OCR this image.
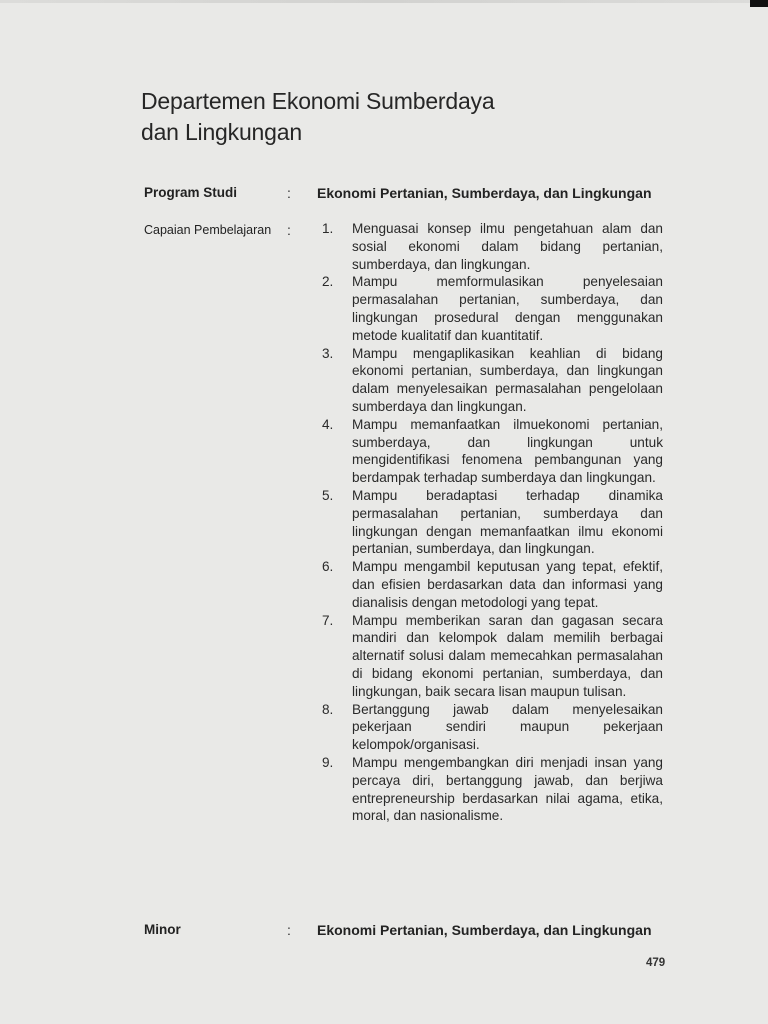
Departemen Ekonomi Sumberdaya
dan Lingkungan
Program Studi	: Ekonomi Pertanian, Sumberdaya, dan Lingkungan
Capaian Pembelajaran : 1.	Menguasai konsep ilmu pengetahuan alam dan sosial ekonomi dalam bidang pertanian, sumberdaya, dan lingkungan.
2.	Mampu memformulasikan penyelesaian permasalahan pertanian, sumberdaya, dan lingkungan prosedural dengan menggunakan metode kualitatif dan kuantitatif.
3.	Mampu mengaplikasikan keahlian di bidang ekonomi pertanian, sumberdaya, dan lingkungan dalam menyelesaikan permasalahan pengelolaan sumberdaya dan lingkungan.
4.	Mampu memanfaatkan ilmuekonomi pertanian, sumberdaya, dan lingkungan untuk mengidentifikasi fenomena pembangunan yang berdampak terhadap sumberdaya dan lingkungan.
5.	Mampu beradaptasi terhadap dinamika permasalahan pertanian, sumberdaya dan lingkungan dengan memanfaatkan ilmu ekonomi pertanian, sumberdaya, dan lingkungan.
6.	Mampu mengambil keputusan yang tepat, efektif, dan efisien berdasarkan data dan informasi yang dianalisis dengan metodologi yang tepat.
7.	Mampu memberikan saran dan gagasan secara mandiri dan kelompok dalam memilih berbagai alternatif solusi dalam memecahkan permasalahan di bidang ekonomi pertanian, sumberdaya, dan lingkungan, baik secara lisan maupun tulisan.
8.	Bertanggung jawab dalam menyelesaikan pekerjaan sendiri maupun pekerjaan kelompok/organisasi.
9.	Mampu mengembangkan diri menjadi insan yang percaya diri, bertanggung jawab, dan berjiwa entrepreneurship berdasarkan nilai agama, etika, moral, dan nasionalisme.
Minor	: Ekonomi Pertanian, Sumberdaya, dan Lingkungan
479
